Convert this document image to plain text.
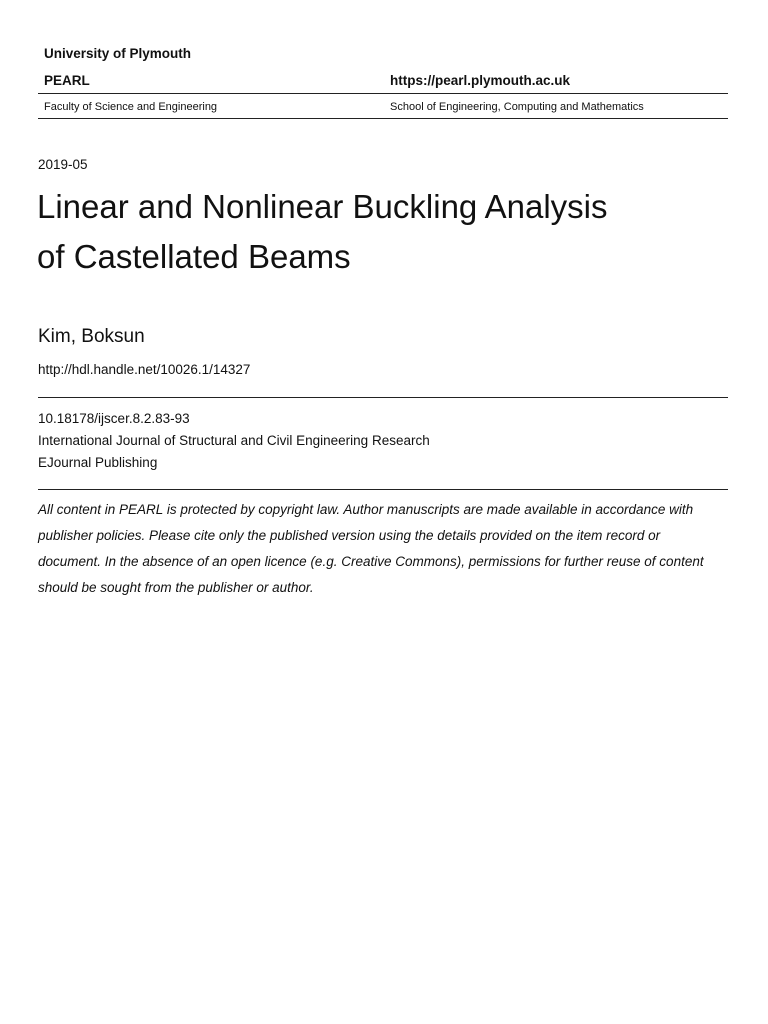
University of Plymouth
PEARL	https://pearl.plymouth.ac.uk
Faculty of Science and Engineering	School of Engineering, Computing and Mathematics
2019-05
Linear and Nonlinear Buckling Analysis
of Castellated Beams
Kim, Boksun
http://hdl.handle.net/10026.1/14327
10.18178/ijscer.8.2.83-93
International Journal of Structural and Civil Engineering Research
EJournal Publishing
All content in PEARL is protected by copyright law. Author manuscripts are made available in accordance with
publisher policies. Please cite only the published version using the details provided on the item record or
document. In the absence of an open licence (e.g. Creative Commons), permissions for further reuse of content
should be sought from the publisher or author.
